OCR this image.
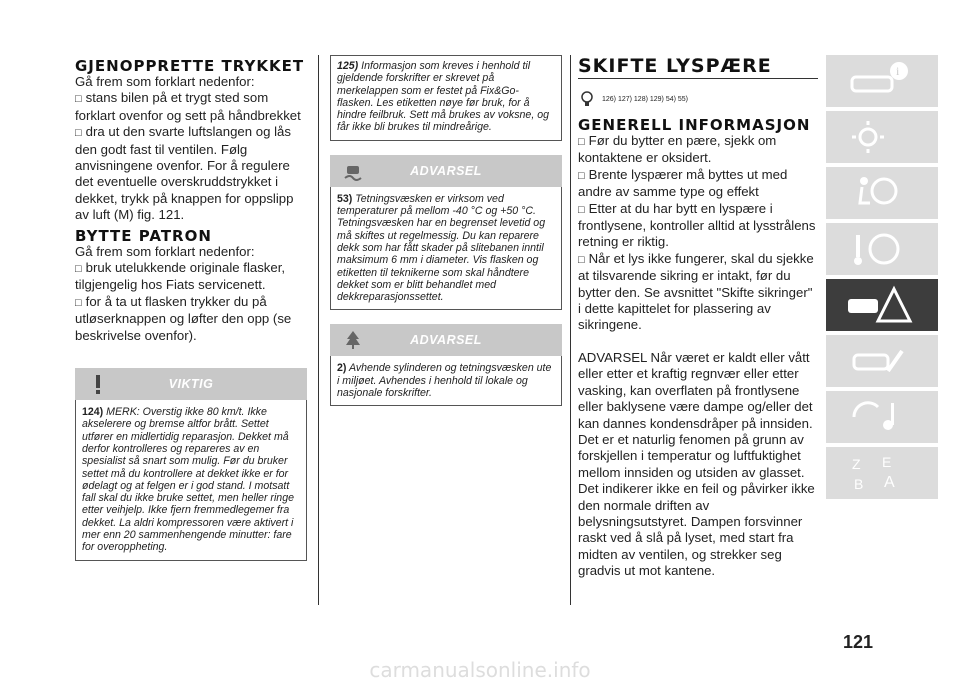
GJENOPPRETTE TRYKKET

Gå frem som forklart nedenfor:

□ stans bilen på et trygt sted som forklart ovenfor og sett på håndbrekket

□ dra ut den svarte luftslangen og lås den godt fast til ventilen. Følg anvisningene ovenfor. For å regulere det eventuelle overskruddstrykket i dekket, trykk på knappen for oppslipp av luft (M) fig. 121.

BYTTE PATRON

Gå frem som forklart nedenfor:

□ bruk utelukkende originale flasker, tilgjengelig hos Fiats servicenett.

□ for å ta ut flasken trykker du på utløserknappen og løfter den opp (se beskrivelse ovenfor).

VIKTIG
124) MERK: Overstig ikke 80 km/t. Ikke akselerere og bremse altfor brått. Settet utfører en midlertidig reparasjon. Dekket må derfor kontrolleres og repareres av en spesialist så snart som mulig. Før du bruker settet må du kontrollere at dekket ikke er for ødelagt og at felgen er i god stand. I motsatt fall skal du ikke bruke settet, men heller ringe etter veihjelp. Ikke fjern fremmedlegemer fra dekket. La aldri kompressoren være aktivert i mer enn 20 sammenhengende minutter: fare for overoppheting.
125) Informasjon som kreves i henhold til gjeldende forskrifter er skrevet på merkelappen som er festet på Fix&Go-flasken. Les etiketten nøye før bruk, for å hindre feilbruk. Sett må brukes av voksne, og får ikke bli brukes til mindreårige.
ADVARSEL
53) Tetningsvæsken er virksom ved temperaturer på mellom -40 °C og +50 °C. Tetningsvæsken har en begrenset levetid og må skiftes ut regelmessig. Du kan reparere dekk som har fått skader på slitebanen inntil maksimum 6 mm i diameter. Vis flasken og etiketten til teknikerne som skal håndtere dekket som er blitt behandlet med dekkreparasjonssettet.
ADVARSEL
2) Avhende sylinderen og tetningsvæsken ute i miljøet. Avhendes i henhold til lokale og nasjonale forskrifter.
SKIFTE LYSPÆRE
126) 127) 128) 129) 54) 55)
GENERELL INFORMASJON

□ Før du bytter en pære, sjekk om kontaktene er oksidert.

□ Brente lyspærer må byttes ut med andre av samme type og effekt

□ Etter at du har bytt en lyspære i frontlysene, kontroller alltid at lysstrålens retning er riktig.

□ Når et lys ikke fungerer, skal du sjekke at tilsvarende sikring er intakt, før du bytter den. Se avsnittet "Skifte sikringer" i dette kapittelet for plassering av sikringene.

ADVARSEL Når været er kaldt eller vått eller etter et kraftig regnvær eller etter vasking, kan overflaten på frontlysene eller baklysene være dampe og/eller det kan dannes kondensdråper på innsiden. Det er et naturlig fenomen på grunn av forskjellen i temperatur og luftfuktighet mellom innsiden og utsiden av glasset. Det indikerer ikke en feil og påvirker ikke den normale driften av belysningsutstyret. Dampen forsvinner raskt ved å slå på lyset, med start fra midten av ventilen, og strekker seg gradvis ut mot kantene.

i
Z E
B A
121
carmanualsonline.info
